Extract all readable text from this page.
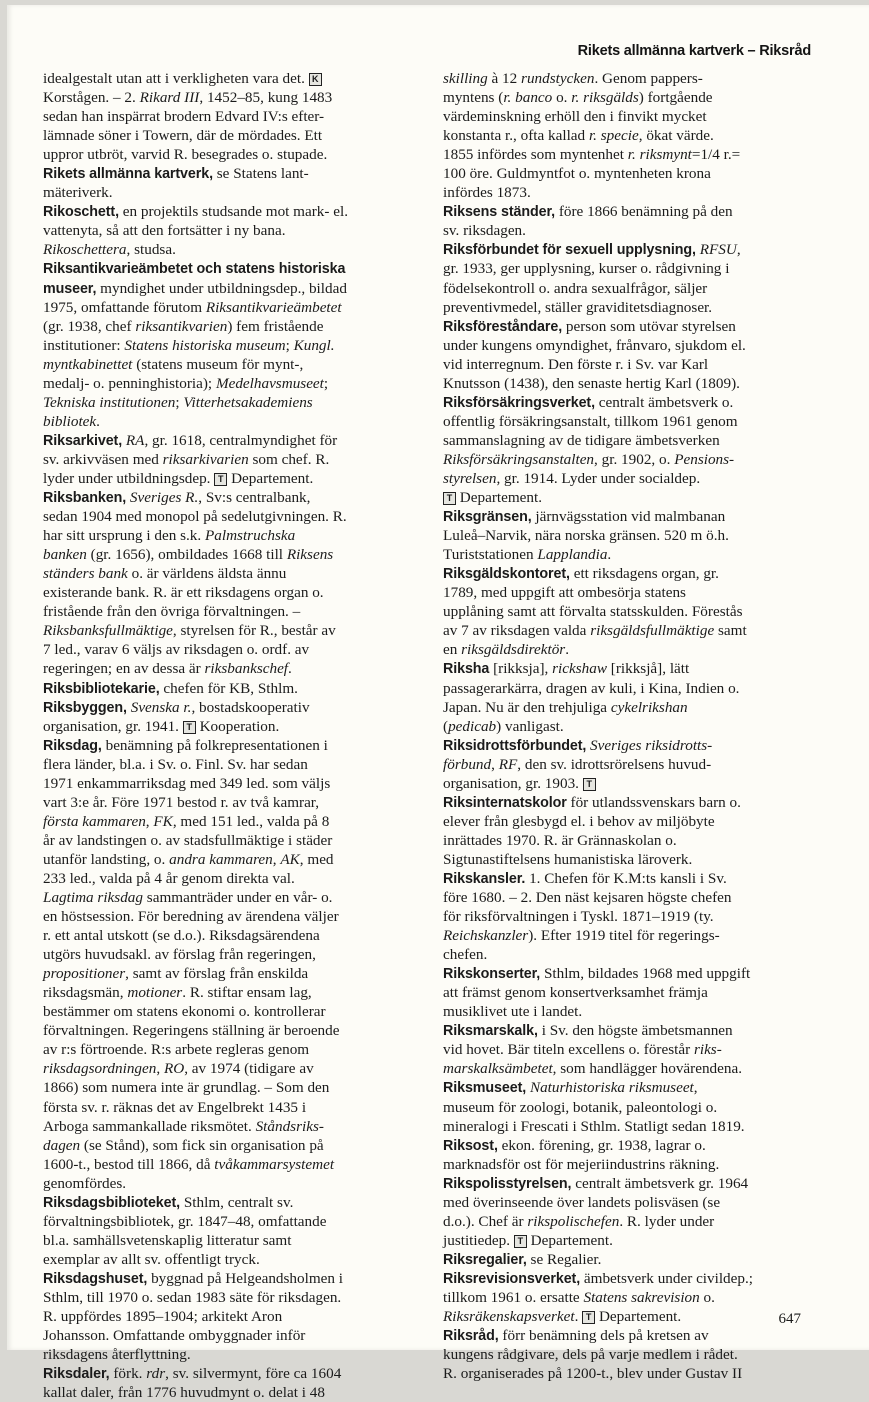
Rikets allmänna kartverk – Riksråd
idealgestalt utan att i verkligheten vara det. K
Korstågen. – 2. Rikard III, 1452–85, kung 1483
sedan han inspärrat brodern Edvard IV:s efter-
lämnade söner i Towern, där de mördades. Ett
uppror utbröt, varvid R. besegrades o. stupade.
Rikets allmänna kartverk, se Statens lant-
mäteriverk.
Rikoschett, en projektils studsande mot mark- el.
vattenyta, så att den fortsätter i ny bana.
Rikoschettera, studsa.
Riksantikvarieämbetet och statens historiska
museer, myndighet under utbildningsdep., bildad
1975, omfattande förutom Riksantikvarieämbetet
(gr. 1938, chef riksantikvarien) fem fristående
institutioner: Statens historiska museum; Kungl.
myntkabinettet (statens museum för mynt-,
medalj- o. penninghistoria); Medelhavsmuseet;
Tekniska institutionen; Vitterhetsakademiens
bibliotek.
Riksarkivet, RA, gr. 1618, centralmyndighet för
sv. arkivväsen med riksarkivarien som chef. R.
lyder under utbildningsdep. T Departement.
Riksbanken, Sveriges R., Sv:s centralbank,
sedan 1904 med monopol på sedelutgivningen. R.
har sitt ursprung i den s.k. Palmstruchska
banken (gr. 1656), ombildades 1668 till Riksens
ständers bank o. är världens äldsta ännu
existerande bank. R. är ett riksdagens organ o.
fristående från den övriga förvaltningen. –
Riksbanksfullmäktige, styrelsen för R., består av
7 led., varav 6 väljs av riksdagen o. ordf. av
regeringen; en av dessa är riksbankschef.
Riksbibliotekarie, chefen för KB, Sthlm.
Riksbyggen, Svenska r., bostadskooperativ
organisation, gr. 1941. T Kooperation.
Riksdag, benämning på folkrepresentationen i
flera länder, bl.a. i Sv. o. Finl. Sv. har sedan
1971 enkammarriksdag med 349 led. som väljs
vart 3:e år. Före 1971 bestod r. av två kamrar,
första kammaren, FK, med 151 led., valda på 8
år av landstingen o. av stadsfullmäktige i städer
utanför landsting, o. andra kammaren, AK, med
233 led., valda på 4 år genom direkta val.
Lagtima riksdag sammanträder under en vår- o.
en höstsession. För beredning av ärendena väljer
r. ett antal utskott (se d.o.). Riksdagsärendena
utgörs huvudsakl. av förslag från regeringen,
propositioner, samt av förslag från enskilda
riksdagsmän, motioner. R. stiftar ensam lag,
bestämmer om statens ekonomi o. kontrollerar
förvaltningen. Regeringens ställning är beroende
av r:s förtroende. R:s arbete regleras genom
riksdagsordningen, RO, av 1974 (tidigare av
1866) som numera inte är grundlag. – Som den
första sv. r. räknas det av Engelbrekt 1435 i
Arboga sammankallade riksmötet. Ståndsriks-
dagen (se Stånd), som fick sin organisation på
1600-t., bestod till 1866, då tvåkammarsystemet
genomfördes.
Riksdagsbiblioteket, Sthlm, centralt sv.
förvaltningsbibliotek, gr. 1847–48, omfattande
bl.a. samhällsvetenskaplig litteratur samt
exemplar av allt sv. offentligt tryck.
Riksdagshuset, byggnad på Helgeandsholmen i
Sthlm, till 1970 o. sedan 1983 säte för riksdagen.
R. uppfördes 1895–1904; arkitekt Aron
Johansson. Omfattande ombyggnader inför
riksdagens återflyttning.
Riksdaler, förk. rdr, sv. silvermynt, före ca 1604
kallat daler, från 1776 huvudmynt o. delat i 48
skilling à 12 rundstycken. Genom pappers-
myntens (r. banco o. r. riksgälds) fortgående
värdeminskning erhöll den i finvikt mycket
konstanta r., ofta kallad r. specie, ökat värde.
1855 infördes som myntenhet r. riksmynt=1/4 r.=
100 öre. Guldmyntfot o. myntenheten krona
infördes 1873.
Riksens ständer, före 1866 benämning på den
sv. riksdagen.
Riksförbundet för sexuell upplysning, RFSU,
gr. 1933, ger upplysning, kurser o. rådgivning i
födelsekontroll o. andra sexualfrågor, säljer
preventivmedel, ställer graviditetsdiagnoser.
Riksföreståndare, person som utövar styrelsen
under kungens omyndighet, frånvaro, sjukdom el.
vid interregnum. Den förste r. i Sv. var Karl
Knutsson (1438), den senaste hertig Karl (1809).
Riksförsäkringsverket, centralt ämbetsverk o.
offentlig försäkringsanstalt, tillkom 1961 genom
sammanslagning av de tidigare ämbetsverken
Riksförsäkringsanstalten, gr. 1902, o. Pensions-
styrelsen, gr. 1914. Lyder under socialdep.
T Departement.
Riksgränsen, järnvägsstation vid malmbanan
Luleå–Narvik, nära norska gränsen. 520 m ö.h.
Turiststationen Lapplandia.
Riksgäldskontoret, ett riksdagens organ, gr.
1789, med uppgift att ombesörja statens
upplåning samt att förvalta statsskulden. Förestås
av 7 av riksdagen valda riksgäldsfullmäktige samt
en riksgäldsdirektör.
Riksha [rikksja], rickshaw [rikksjå], lätt
passagerarkärra, dragen av kuli, i Kina, Indien o.
Japan. Nu är den trehjuliga cykelrikshan
(pedicab) vanligast.
Riksidrottsförbundet, Sveriges riksidrotts-
förbund, RF, den sv. idrottsrörelsens huvud-
organisation, gr. 1903. T
Riksinternatskolor för utlandssvenskars barn o.
elever från glesbygd el. i behov av miljöbyte
inrättades 1970. R. är Grännaskolan o.
Sigtunastiftelsens humanistiska läroverk.
Rikskansler. 1. Chefen för K.M:ts kansli i Sv.
före 1680. – 2. Den näst kejsaren högste chefen
för riksförvaltningen i Tyskl. 1871–1919 (ty.
Reichskanzler). Efter 1919 titel för regerings-
chefen.
Rikskonserter, Sthlm, bildades 1968 med uppgift
att främst genom konsertverksamhet främja
musiklivet ute i landet.
Riksmarskalk, i Sv. den högste ämbetsmannen
vid hovet. Bär titeln excellens o. förestår riks-
marskalksämbetet, som handlägger hovärendena.
Riksmuseet, Naturhistoriska riksmuseet,
museum för zoologi, botanik, paleontologi o.
mineralogi i Frescati i Sthlm. Statligt sedan 1819.
Riksost, ekon. förening, gr. 1938, lagrar o.
marknadsför ost för mejeriindustrins räkning.
Rikspolisstyrelsen, centralt ämbetsverk gr. 1964
med överinseende över landets polisväsen (se
d.o.). Chef är rikspolischefen. R. lyder under
justitiedep. T Departement.
Riksregalier, se Regalier.
Riksrevisionsverket, ämbetsverk under civildep.;
tillkom 1961 o. ersatte Statens sakrevision o.
Riksräkenskapsverket. T Departement.
Riksråd, förr benämning dels på kretsen av
kungens rådgivare, dels på varje medlem i rådet.
R. organiserades på 1200-t., blev under Gustav II
647
